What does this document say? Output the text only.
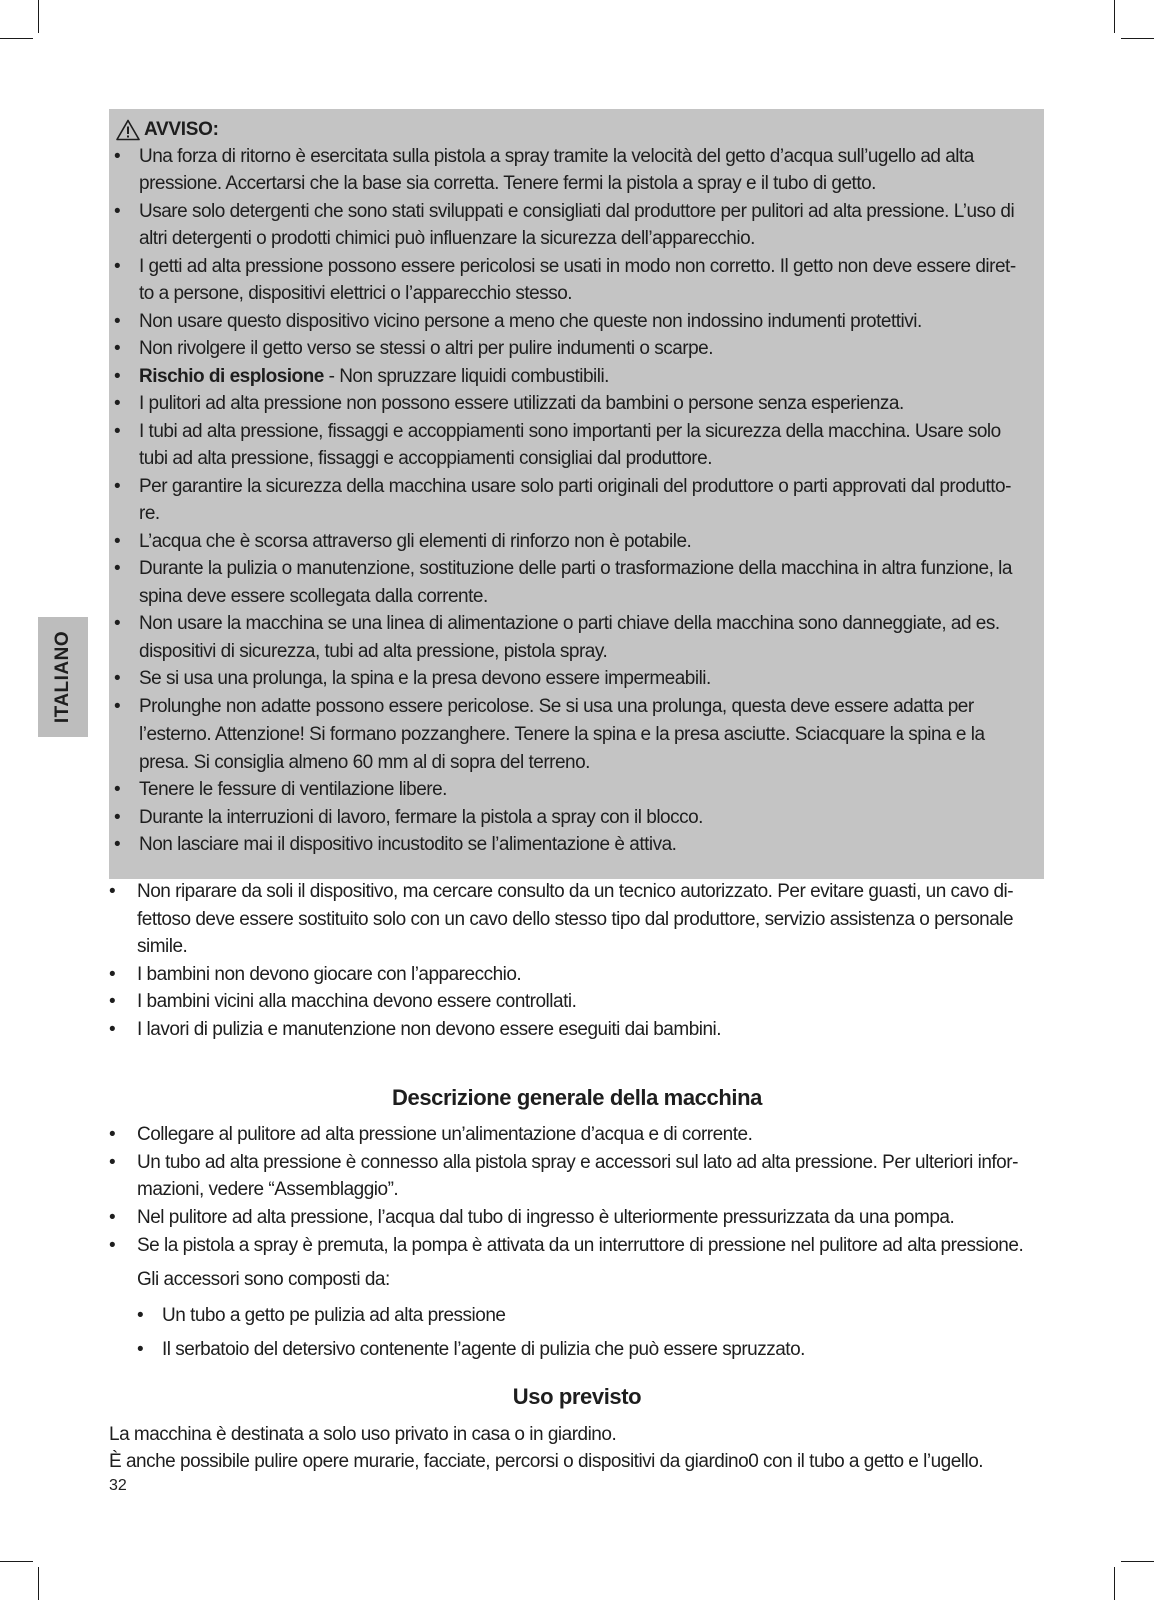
ITALIANO
AVVISO:
• Una forza di ritorno è esercitata sulla pistola a spray tramite la velocità del getto d’acqua sull’ugello ad alta
pressione. Accertarsi che la base sia corretta. Tenere fermi la pistola a spray e il tubo di getto.
• Usare solo detergenti che sono stati sviluppati e consigliati dal produttore per pulitori ad alta pressione. L’uso di
altri detergenti o prodotti chimici può influenzare la sicurezza dell’apparecchio.
• I getti ad alta pressione possono essere pericolosi se usati in modo non corretto. Il getto non deve essere diret-
to a persone, dispositivi elettrici o l’apparecchio stesso.
• Non usare questo dispositivo vicino persone a meno che queste non indossino indumenti protettivi.
• Non rivolgere il getto verso se stessi o altri per pulire indumenti o scarpe.
• Rischio di esplosione - Non spruzzare liquidi combustibili.
• I pulitori ad alta pressione non possono essere utilizzati da bambini o persone senza esperienza.
• I tubi ad alta pressione, fissaggi e accoppiamenti sono importanti per la sicurezza della macchina. Usare solo
tubi ad alta pressione, fissaggi e accoppiamenti consigliai dal produttore.
• Per garantire la sicurezza della macchina usare solo parti originali del produttore o parti approvati dal produtto-
re.
• L’acqua che è scorsa attraverso gli elementi di rinforzo non è potabile.
• Durante la pulizia o manutenzione, sostituzione delle parti o trasformazione della macchina in altra funzione, la
spina deve essere scollegata dalla corrente.
• Non usare la macchina se una linea di alimentazione o parti chiave della macchina sono danneggiate, ad es.
dispositivi di sicurezza, tubi ad alta pressione, pistola spray.
• Se si usa una prolunga, la spina e la presa devono essere impermeabili.
• Prolunghe non adatte possono essere pericolose. Se si usa una prolunga, questa deve essere adatta per
l’esterno. Attenzione! Si formano pozzanghere. Tenere la spina e la presa asciutte. Sciacquare la spina e la
presa. Si consiglia almeno 60 mm al di sopra del terreno.
• Tenere le fessure di ventilazione libere.
• Durante la interruzioni di lavoro, fermare la pistola a spray con il blocco.
• Non lasciare mai il dispositivo incustodito se l’alimentazione è attiva.
• Non riparare da soli il dispositivo, ma cercare consulto da un tecnico autorizzato. Per evitare guasti, un cavo di-
fettoso deve essere sostituito solo con un cavo dello stesso tipo dal produttore, servizio assistenza o personale
simile.
• I bambini non devono giocare con l’apparecchio.
• I bambini vicini alla macchina devono essere controllati.
• I lavori di pulizia e manutenzione non devono essere eseguiti dai bambini.
Descrizione generale della macchina
• Collegare al pulitore ad alta pressione un’alimentazione d’acqua e di corrente.
• Un tubo ad alta pressione è connesso alla pistola spray e accessori sul lato ad alta pressione. Per ulteriori infor-
mazioni, vedere “Assemblaggio”.
• Nel pulitore ad alta pressione, l’acqua dal tubo di ingresso è ulteriormente pressurizzata da una pompa.
• Se la pistola a spray è premuta, la pompa è attivata da un interruttore di pressione nel pulitore ad alta pressione.
Gli accessori sono composti da:
• Un tubo a getto pe pulizia ad alta pressione
• Il serbatoio del detersivo contenente l’agente di pulizia che può essere spruzzato.
Uso previsto
La macchina è destinata a solo uso privato in casa o in giardino.
È anche possibile pulire opere murarie, facciate, percorsi o dispositivi da giardino0 con il tubo a getto e l’ugello.
32
